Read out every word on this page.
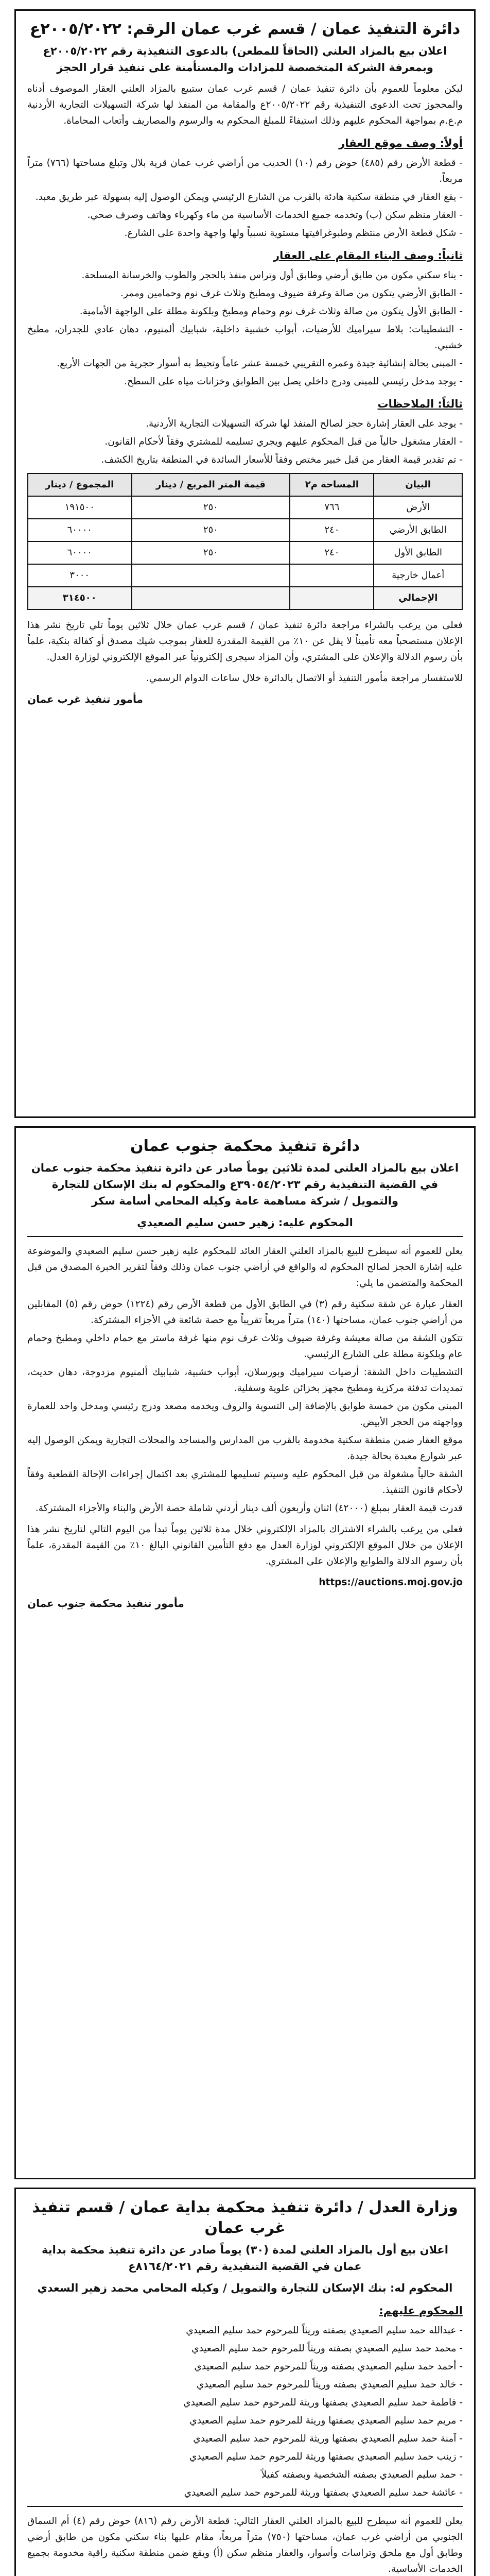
دائرة التنفيذ عمان / قسم غرب عمان الرقم: ٢٠٠٥/٢٠٢٢ع
اعلان بيع بالمزاد العلني (الحاقاً للمطعن) بالدعوى التنفيذية رقم ٢٠٠٥/٢٠٢٢ع وبمعرفة الشركة المتخصصة للمزادات والمستأمنة على تنفيذ قرار الحجز

ليكن معلوماً للعموم بأن دائرة تنفيذ عمان / قسم غرب عمان ستبيع بالمزاد العلني العقار الموصوف أدناه والمحجوز تحت الدعوى التنفيذية رقم ٢٠٠٥/٢٠٢٢ع والمقامة من المنفذ لها شركة التسهيلات التجارية الأردنية م.ع.م بمواجهة المحكوم عليهم وذلك استيفاءً للمبلغ المحكوم به والرسوم والمصاريف وأتعاب المحاماة.

أولاً: وصف موقع العقار
- قطعة الأرض رقم (٤٨٥) حوض رقم (١٠) الحديب من أراضي غرب عمان قرية بلال وتبلغ مساحتها (٧٦٦) متراً مربعاً.
- يقع العقار في منطقة سكنية هادئة بالقرب من الشارع الرئيسي ويمكن الوصول إليه بسهولة عبر طريق معبد.
- العقار منظم سكن (ب) وتخدمه جميع الخدمات الأساسية من ماء وكهرباء وهاتف وصرف صحي.
- شكل قطعة الأرض منتظم وطبوغرافيتها مستوية نسبياً ولها واجهة واحدة على الشارع.
ثانياً: وصف البناء المقام على العقار
- بناء سكني مكون من طابق أرضي وطابق أول وتراس منفذ بالحجر والطوب والخرسانة المسلحة.
- الطابق الأرضي يتكون من صالة وغرفة ضيوف ومطبخ وثلاث غرف نوم وحمامين وممر.
- الطابق الأول يتكون من صالة وثلاث غرف نوم وحمام ومطبخ وبلكونة مطلة على الواجهة الأمامية.
- التشطيبات: بلاط سيراميك للأرضيات، أبواب خشبية داخلية، شبابيك ألمنيوم، دهان عادي للجدران، مطبخ خشبي.
- المبنى بحالة إنشائية جيدة وعمره التقريبي خمسة عشر عاماً وتحيط به أسوار حجرية من الجهات الأربع.
- يوجد مدخل رئيسي للمبنى ودرج داخلي يصل بين الطوابق وخزانات مياه على السطح.
ثالثاً: الملاحظات
- يوجد على العقار إشارة حجز لصالح المنفذ لها شركة التسهيلات التجارية الأردنية.
- العقار مشغول حالياً من قبل المحكوم عليهم ويجري تسليمه للمشتري وفقاً لأحكام القانون.
- تم تقدير قيمة العقار من قبل خبير مختص وفقاً للأسعار السائدة في المنطقة بتاريخ الكشف.
البيان	المساحة م٢	قيمة المتر المربع / دينار	المجموع / دينار
الأرض	٧٦٦	٢٥٠	١٩١٥٠٠
الطابق الأرضي	٢٤٠	٢٥٠	٦٠٠٠٠
الطابق الأول	٢٤٠	٢٥٠	٦٠٠٠٠
أعمال خارجية			٣٠٠٠
الإجمالي			٣١٤٥٠٠

فعلى من يرغب بالشراء مراجعة دائرة تنفيذ عمان / قسم غرب عمان خلال ثلاثين يوماً تلي تاريخ نشر هذا الإعلان مستصحباً معه تأميناً لا يقل عن ١٠٪ من القيمة المقدرة للعقار بموجب شيك مصدق أو كفالة بنكية، علماً بأن رسوم الدلالة والإعلان على المشتري، وأن المزاد سيجرى إلكترونياً عبر الموقع الإلكتروني لوزارة العدل.

للاستفسار مراجعة مأمور التنفيذ أو الاتصال بالدائرة خلال ساعات الدوام الرسمي.

مأمور تنفيذ غرب عمان
دائرة تنفيذ محكمة جنوب عمان
اعلان بيع بالمزاد العلني لمدة ثلاثين يوماً صادر عن دائرة تنفيذ محكمة جنوب عمان في القضية التنفيذية رقم ٣٩٠٥٤/٢٠٢٣ع والمحكوم له بنك الإسكان للتجارة والتمويل / شركة مساهمة عامة وكيله المحامي أسامة سكر
المحكوم عليه: زهير حسن سليم الصعيدي

يعلن للعموم أنه سيطرح للبيع بالمزاد العلني العقار العائد للمحكوم عليه زهير حسن سليم الصعيدي والموضوعة عليه إشارة الحجز لصالح المحكوم له والواقع في أراضي جنوب عمان وذلك وفقاً لتقرير الخبرة المصدق من قبل المحكمة والمتضمن ما يلي:

العقار عبارة عن شقة سكنية رقم (٣) في الطابق الأول من قطعة الأرض رقم (١٢٢٤) حوض رقم (٥) المقابلين من أراضي جنوب عمان، مساحتها (١٤٠) متراً مربعاً تقريباً مع حصة شائعة في الأجزاء المشتركة.
تتكون الشقة من صالة معيشة وغرفة ضيوف وثلاث غرف نوم منها غرفة ماستر مع حمام داخلي ومطبخ وحمام عام وبلكونة مطلة على الشارع الرئيسي.
التشطيبات داخل الشقة: أرضيات سيراميك وبورسلان، أبواب خشبية، شبابيك ألمنيوم مزدوجة، دهان حديث، تمديدات تدفئة مركزية ومطبخ مجهز بخزائن علوية وسفلية.
المبنى مكون من خمسة طوابق بالإضافة إلى التسوية والروف ويخدمه مصعد ودرج رئيسي ومدخل واحد للعمارة وواجهته من الحجر الأبيض.
موقع العقار ضمن منطقة سكنية مخدومة بالقرب من المدارس والمساجد والمحلات التجارية ويمكن الوصول إليه عبر شوارع معبدة بحالة جيدة.
الشقة حالياً مشغولة من قبل المحكوم عليه وسيتم تسليمها للمشتري بعد اكتمال إجراءات الإحالة القطعية وفقاً لأحكام قانون التنفيذ.
قدرت قيمة العقار بمبلغ (٤٢٠٠٠) اثنان وأربعون ألف دينار أردني شاملة حصة الأرض والبناء والأجزاء المشتركة.

فعلى من يرغب بالشراء الاشتراك بالمزاد الإلكتروني خلال مدة ثلاثين يوماً تبدأ من اليوم التالي لتاريخ نشر هذا الإعلان من خلال الموقع الإلكتروني لوزارة العدل مع دفع التأمين القانوني البالغ ١٠٪ من القيمة المقدرة، علماً بأن رسوم الدلالة والطوابع والإعلان على المشتري.

https://auctions.moj.gov.jo

مأمور تنفيذ محكمة جنوب عمان
وزارة العدل / دائرة تنفيذ محكمة بداية عمان / قسم تنفيذ غرب عمان
اعلان بيع أول بالمزاد العلني لمدة (٣٠) يوماً صادر عن دائرة تنفيذ محكمة بداية عمان في القضية التنفيذية رقم ٨١٦٤/٢٠٢١ع
المحكوم له: بنك الإسكان للتجارة والتمويل / وكيله المحامي محمد زهير السعدي
المحكوم عليهم:
- عبدالله حمد سليم الصعيدي بصفته وريثاً للمرحوم حمد سليم الصعيدي
- محمد حمد سليم الصعيدي بصفته وريثاً للمرحوم حمد سليم الصعيدي
- أحمد حمد سليم الصعيدي بصفته وريثاً للمرحوم حمد سليم الصعيدي
- خالد حمد سليم الصعيدي بصفته وريثاً للمرحوم حمد سليم الصعيدي
- فاطمة حمد سليم الصعيدي بصفتها وريثة للمرحوم حمد سليم الصعيدي
- مريم حمد سليم الصعيدي بصفتها وريثة للمرحوم حمد سليم الصعيدي
- آمنة حمد سليم الصعيدي بصفتها وريثة للمرحوم حمد سليم الصعيدي
- زينب حمد سليم الصعيدي بصفتها وريثة للمرحوم حمد سليم الصعيدي
- حمد سليم الصعيدي بصفته الشخصية وبصفته كفيلاً
- عائشة حمد سليم الصعيدي بصفتها وريثة للمرحوم حمد سليم الصعيدي

يعلن للعموم أنه سيطرح للبيع بالمزاد العلني العقار التالي: قطعة الأرض رقم (٨١٦) حوض رقم (٤) أم السماق الجنوبي من أراضي غرب عمان، مساحتها (٧٥٠) متراً مربعاً، مقام عليها بناء سكني مكون من طابق أرضي وطابق أول مع ملحق وتراسات وأسوار، والعقار منظم سكن (أ) ويقع ضمن منطقة سكنية راقية مخدومة بجميع الخدمات الأساسية.
